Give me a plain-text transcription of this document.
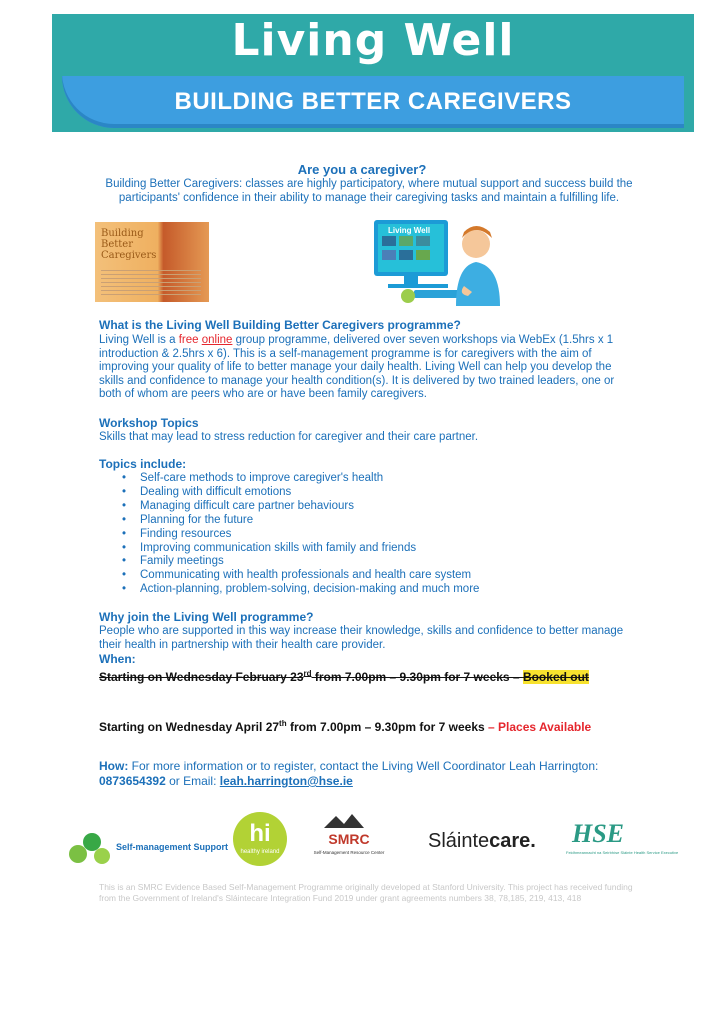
Living Well
BUILDING BETTER CAREGIVERS
Are you a caregiver?
Building Better Caregivers: classes are highly participatory, where mutual support and success build the participants' confidence in their ability to manage their caregiving tasks and maintain a fulfilling life.
Building Better Caregivers
Living Well
What is the Living Well Building Better Caregivers programme?
Living Well is a free online group programme, delivered over seven workshops via WebEx (1.5hrs x 1 introduction & 2.5hrs x 6). This is a self-management programme is for caregivers with the aim of improving your quality of life to better manage your daily health. Living Well can help you develop the skills and confidence to manage your health condition(s). It is delivered by two trained leaders, one or both of whom are peers who are or have been family caregivers.
Workshop Topics
Skills that may lead to stress reduction for caregiver and their care partner.
Topics include:
• Self-care methods to improve caregiver's health
• Dealing with difficult emotions
• Managing difficult care partner behaviours
• Planning for the future
• Finding resources
• Improving communication skills with family and friends
• Family meetings
• Communicating with health professionals and health care system
• Action-planning, problem-solving, decision-making and much more
Why join the Living Well programme?
People who are supported in this way increase their knowledge, skills and confidence to better manage their health in partnership with their health care provider.
When:
Starting on Wednesday February 23rd from 7.00pm – 9.30pm for 7 weeks – Booked out
Starting on Wednesday April 27th from 7.00pm – 9.30pm for 7 weeks – Places Available
How: For more information or to register, contact the Living Well Coordinator Leah Harrington: 0873654392 or Email: leah.harrington@hse.ie
Self-management Support hi
healthy ireland
SMRC
Self-Management Resource Center
Sláintecare. HSE
Feidhmeannacht na Seirbhíse Sláinte Health Service Executive
This is an SMRC Evidence Based Self-Management Programme originally developed at Stanford University. This project has received funding from the Government of Ireland's Sláintecare Integration Fund 2019 under grant agreements numbers 38, 78,185, 219, 413, 418
